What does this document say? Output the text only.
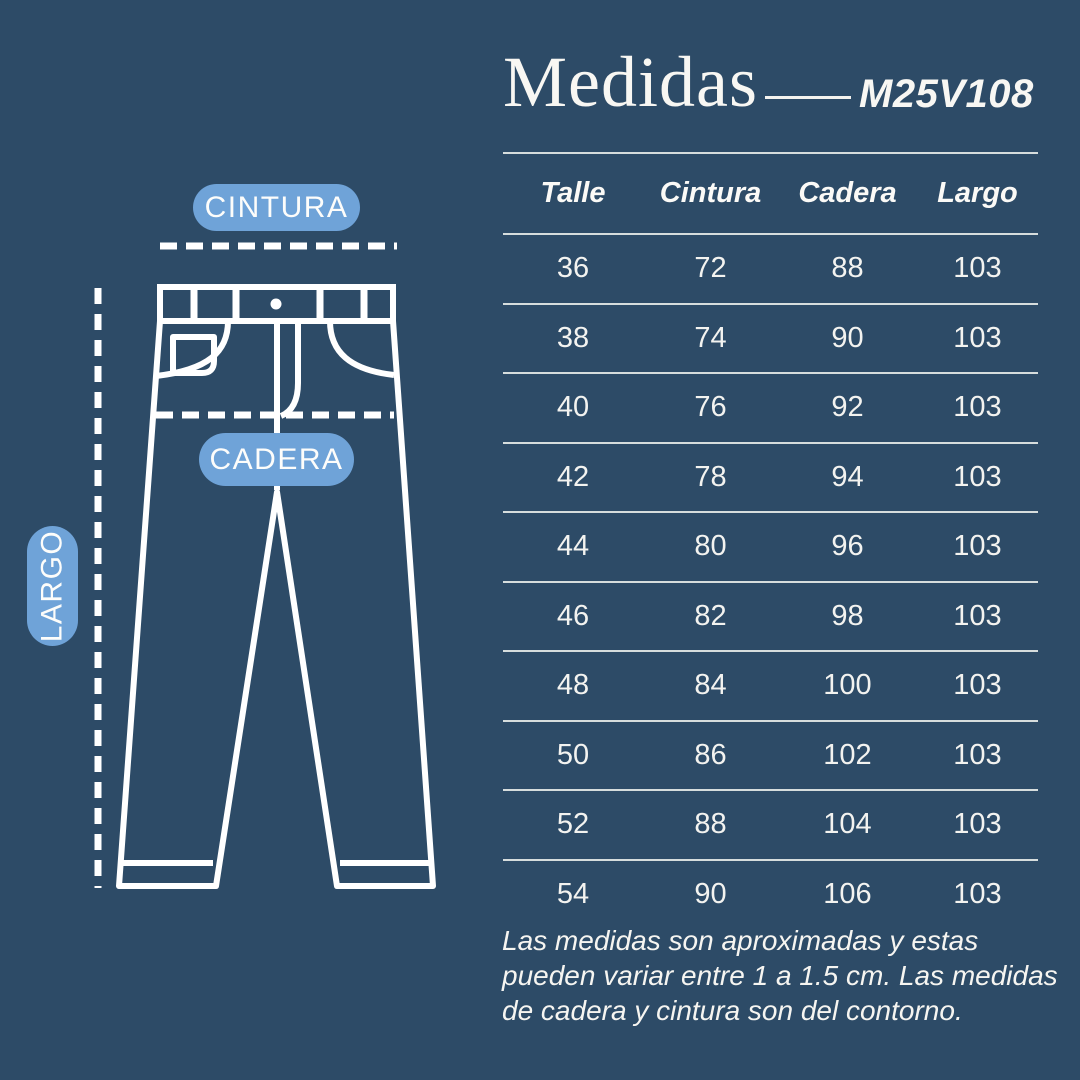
CINTURA
CADERA
LARGO
Medidas	M25V108
Talle	Cintura	Cadera	Largo
36	72	88	103
38	74	90	103
40	76	92	103
42	78	94	103
44	80	96	103
46	82	98	103
48	84	100	103
50	86	102	103
52	88	104	103
54	90	106	103
Las medidas son aproximadas y estas
pueden variar entre 1 a 1.5 cm. Las medidas
de cadera y cintura son del contorno.
